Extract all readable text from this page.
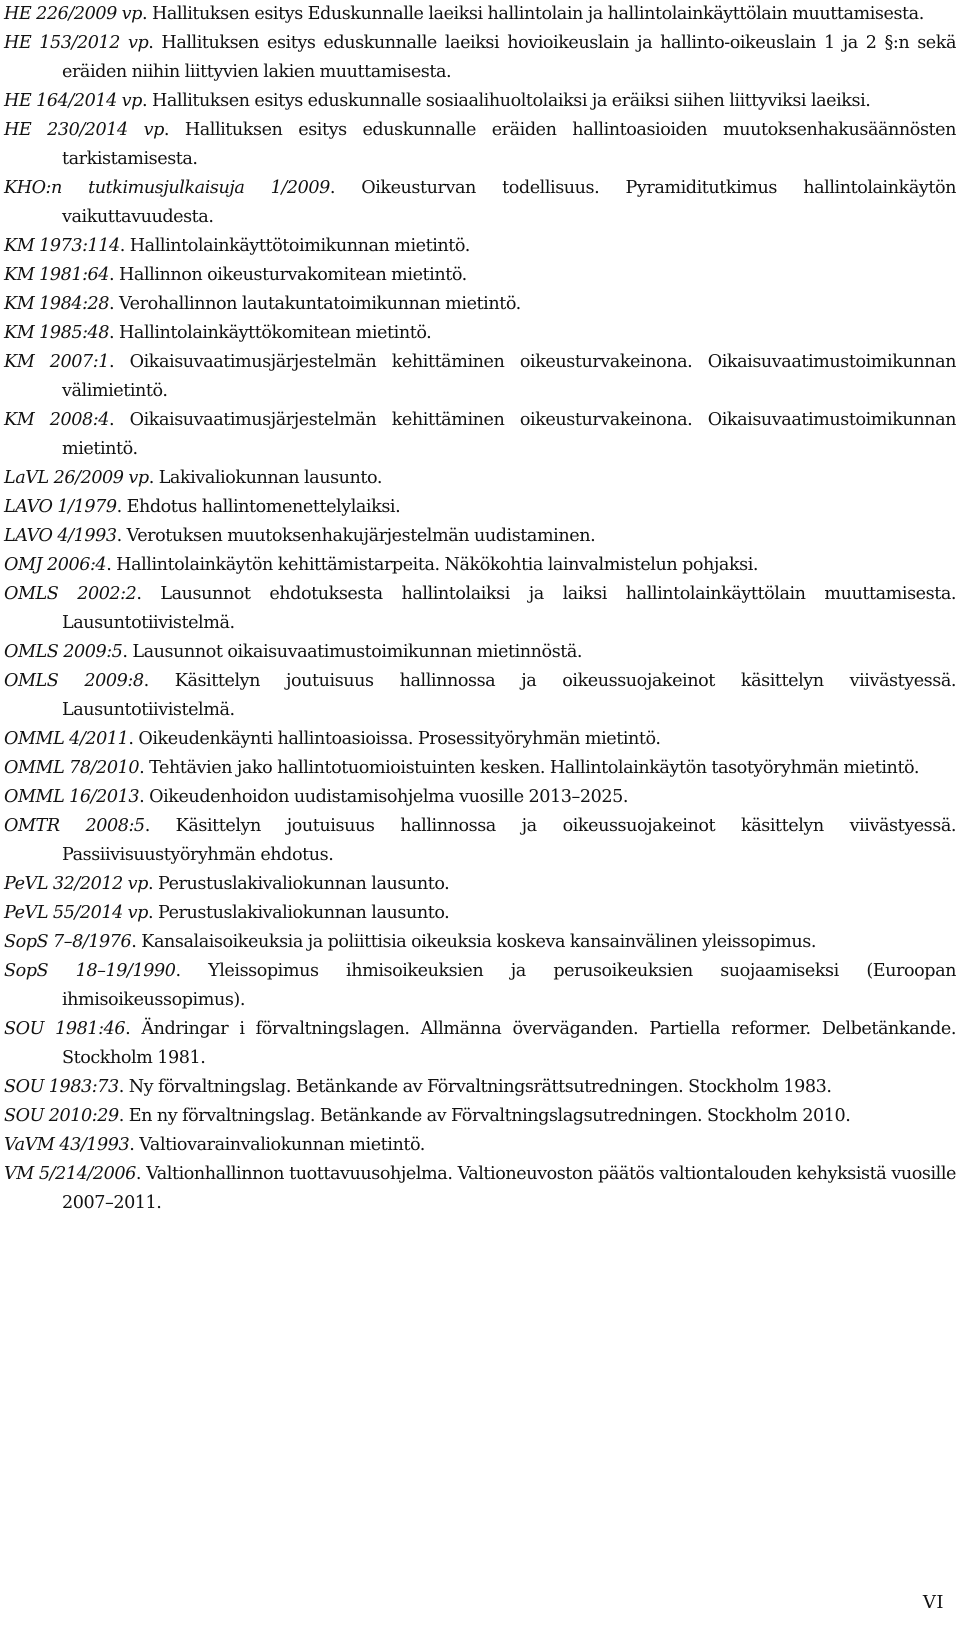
HE 226/2009 vp. Hallituksen esitys Eduskunnalle laeiksi hallintolain ja hallintolainkäyttölain muuttamisesta.
HE 153/2012 vp. Hallituksen esitys eduskunnalle laeiksi hovioikeuslain ja hallinto-oikeuslain 1 ja 2 §:n sekä eräiden niihin liittyvien lakien muuttamisesta.
HE 164/2014 vp. Hallituksen esitys eduskunnalle sosiaalihuoltolaiksi ja eräiksi siihen liittyviksi laeiksi.
HE 230/2014 vp. Hallituksen esitys eduskunnalle eräiden hallintoasioiden muutoksenhakusäännösten tarkistamisesta.
KHO:n tutkimusjulkaisuja 1/2009. Oikeusturvan todellisuus. Pyramiditutkimus hallintolainkäytön vaikuttavuudesta.
KM 1973:114. Hallintolainkäyttötoimikunnan mietintö.
KM 1981:64. Hallinnon oikeusturvakomitean mietintö.
KM 1984:28. Verohallinnon lautakuntatoimikunnan mietintö.
KM 1985:48. Hallintolainkäyttökomitean mietintö.
KM 2007:1. Oikaisuvaatimusjärjestelmän kehittäminen oikeusturvakeinona. Oikaisuvaatimustoimikunnan välimietintö.
KM 2008:4. Oikaisuvaatimusjärjestelmän kehittäminen oikeusturvakeinona. Oikaisuvaatimustoimikunnan mietintö.
LaVL 26/2009 vp. Lakivaliokunnan lausunto.
LAVO 1/1979. Ehdotus hallintomenettelylaiksi.
LAVO 4/1993. Verotuksen muutoksenhakujärjestelmän uudistaminen.
OMJ 2006:4. Hallintolainkäytön kehittämistarpeita. Näkökohtia lainvalmistelun pohjaksi.
OMLS 2002:2. Lausunnot ehdotuksesta hallintolaiksi ja laiksi hallintolainkäyttölain muuttamisesta. Lausuntotiivistelmä.
OMLS 2009:5. Lausunnot oikaisuvaatimustoimikunnan mietinnöstä.
OMLS 2009:8. Käsittelyn joutuisuus hallinnossa ja oikeussuojakeinot käsittelyn viivästyessä. Lausuntotiivistelmä.
OMML 4/2011. Oikeudenkäynti hallintoasioissa. Prosessityöryhmän mietintö.
OMML 78/2010. Tehtävien jako hallintotuomioistuinten kesken. Hallintolainkäytön tasotyöryhmän mietintö.
OMML 16/2013. Oikeudenhoidon uudistamisohjelma vuosille 2013–2025.
OMTR 2008:5. Käsittelyn joutuisuus hallinnossa ja oikeussuojakeinot käsittelyn viivästyessä. Passiivisuustyöryhmän ehdotus.
PeVL 32/2012 vp. Perustuslakivaliokunnan lausunto.
PeVL 55/2014 vp. Perustuslakivaliokunnan lausunto.
SopS 7–8/1976. Kansalaisoikeuksia ja poliittisia oikeuksia koskeva kansainvälinen yleissopimus.
SopS 18–19/1990. Yleissopimus ihmisoikeuksien ja perusoikeuksien suojaamiseksi (Euroopan ihmisoikeussopimus).
SOU 1981:46. Ändringar i förvaltningslagen. Allmänna överväganden. Partiella reformer. Delbetänkande. Stockholm 1981.
SOU 1983:73. Ny förvaltningslag. Betänkande av Förvaltningsrättsutredningen. Stockholm 1983.
SOU 2010:29. En ny förvaltningslag. Betänkande av Förvaltningslagsutredningen. Stockholm 2010.
VaVM 43/1993. Valtiovarainvaliokunnan mietintö.
VM 5/214/2006. Valtionhallinnon tuottavuusohjelma. Valtioneuvoston päätös valtiontalouden kehyksistä vuosille 2007–2011.
VI
